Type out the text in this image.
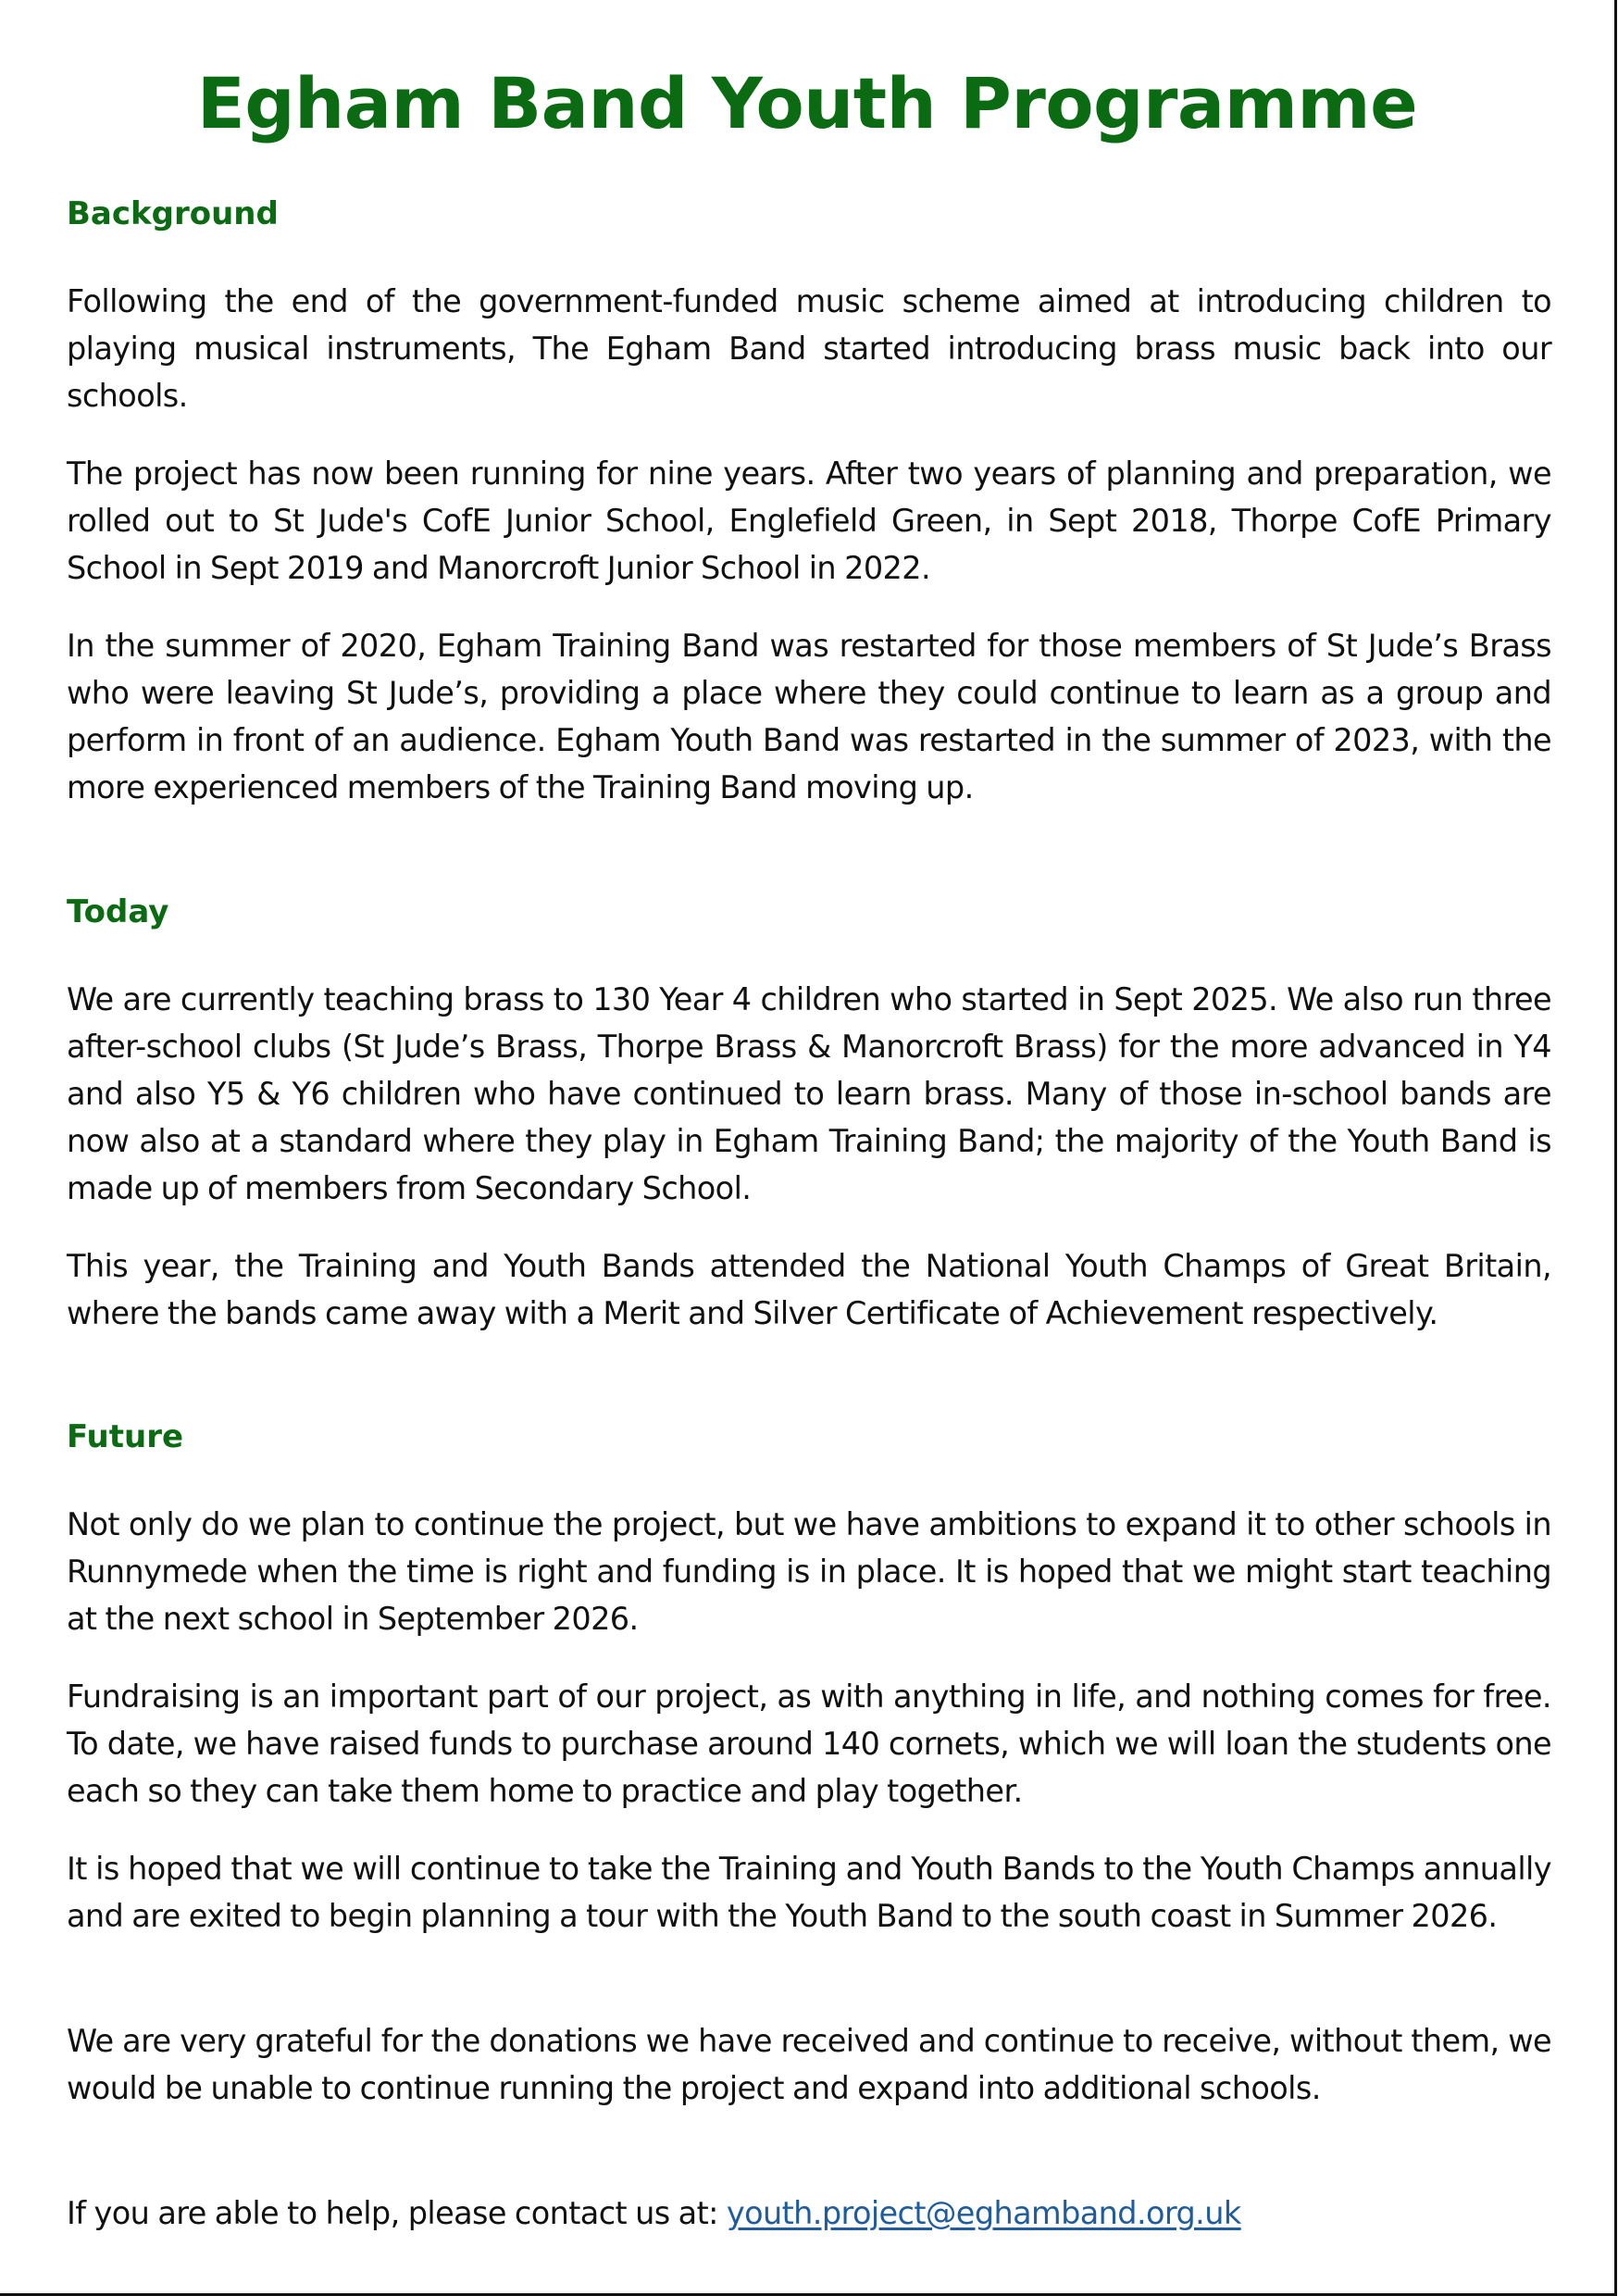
Egham Band Youth Programme
Background

Following the end of the government-funded music scheme aimed at introducing children to playing musical instruments, The Egham Band started introducing brass music back into our schools.

The project has now been running for nine years. After two years of planning and preparation, we rolled out to St Jude's CofE Junior School, Englefield Green, in Sept 2018, Thorpe CofE Primary School in Sept 2019 and Manorcroft Junior School in 2022.

In the summer of 2020, Egham Training Band was restarted for those members of St Jude’s Brass who were leaving St Jude’s, providing a place where they could continue to learn as a group and perform in front of an audience. Egham Youth Band was restarted in the summer of 2023, with the more experienced members of the Training Band moving up.

Today

We are currently teaching brass to 130 Year 4 children who started in Sept 2025. We also run three after-school clubs (St Jude’s Brass, Thorpe Brass & Manorcroft Brass) for the more advanced in Y4 and also Y5 & Y6 children who have continued to learn brass. Many of those in-school bands are now also at a standard where they play in Egham Training Band; the majority of the Youth Band is made up of members from Secondary School.

This year, the Training and Youth Bands attended the National Youth Champs of Great Britain, where the bands came away with a Merit and Silver Certificate of Achievement respectively.

Future

Not only do we plan to continue the project, but we have ambitions to expand it to other schools in Runnymede when the time is right and funding is in place. It is hoped that we might start teaching at the next school in September 2026.

Fundraising is an important part of our project, as with anything in life, and nothing comes for free. To date, we have raised funds to purchase around 140 cornets, which we will loan the students one each so they can take them home to practice and play together.

It is hoped that we will continue to take the Training and Youth Bands to the Youth Champs annually and are exited to begin planning a tour with the Youth Band to the south coast in Summer 2026.

We are very grateful for the donations we have received and continue to receive, without them, we would be unable to continue running the project and expand into additional schools.

If you are able to help, please contact us at: youth.project@eghamband.org.uk
